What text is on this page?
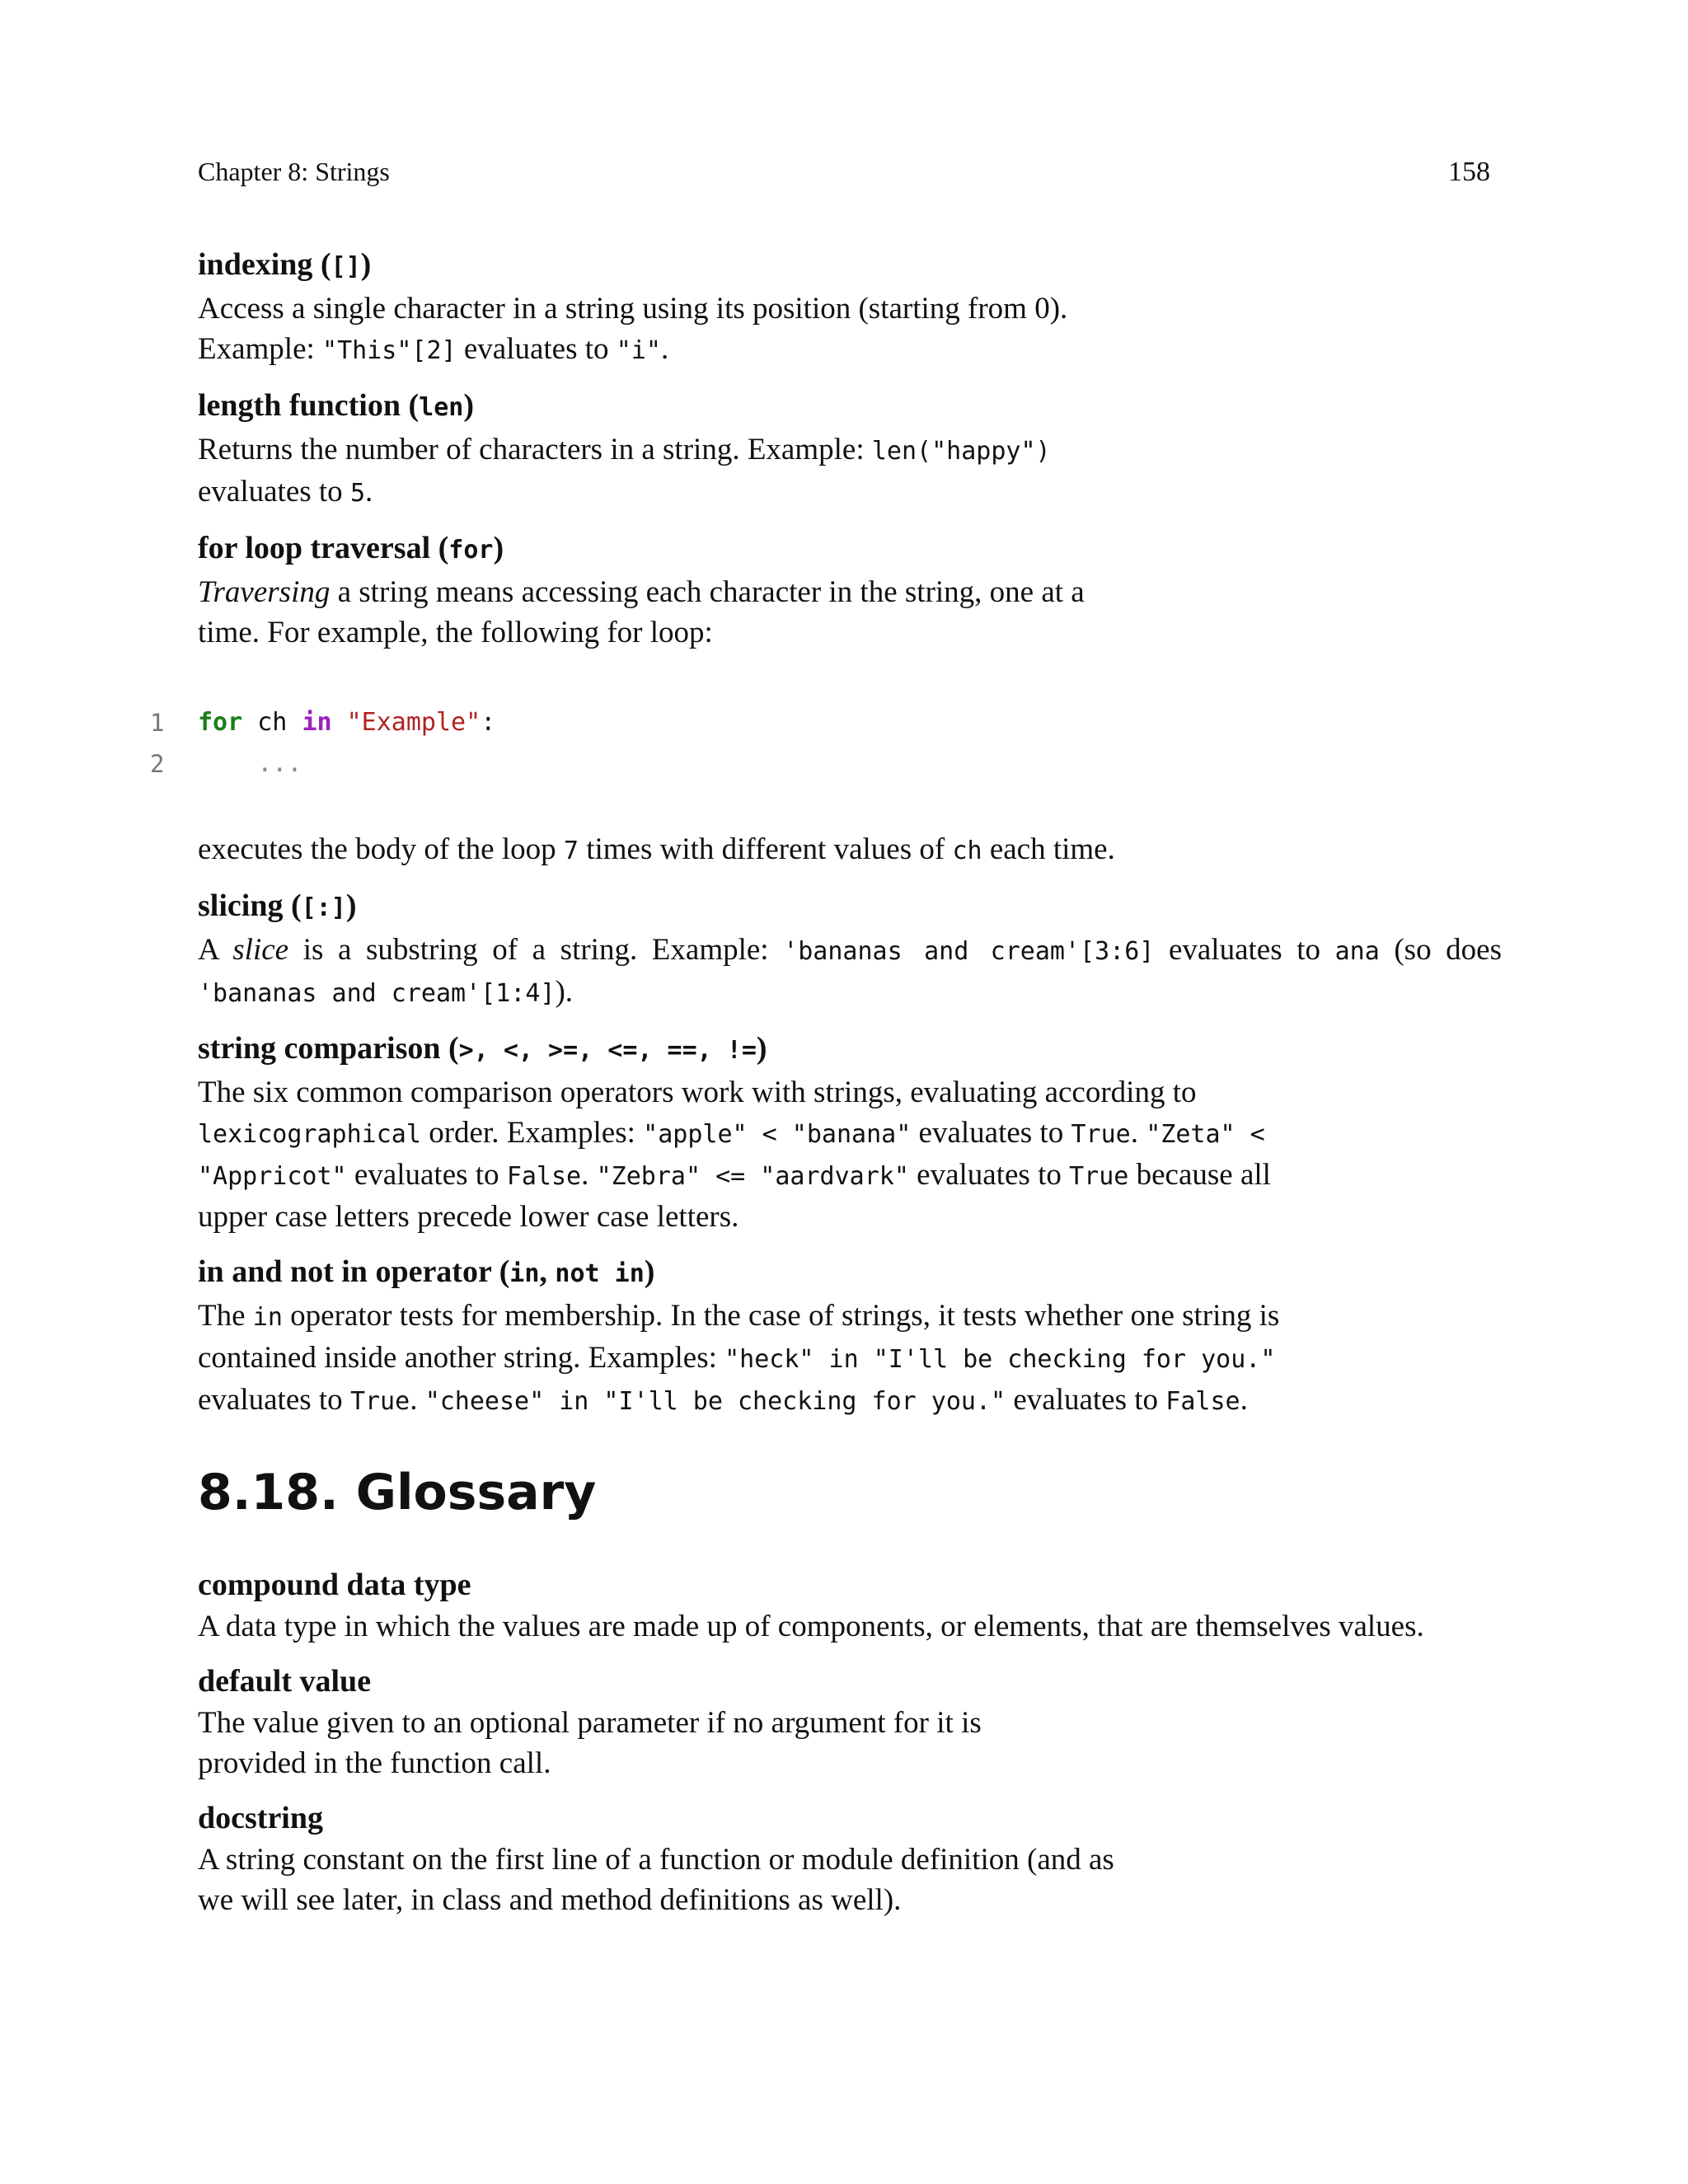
Chapter 8: Strings	158
indexing ([])
Access a single character in a string using its position (starting from 0). Example: "This"[2] evaluates to "i".
length function (len)
Returns the number of characters in a string. Example: len("happy") evaluates to 5.
for loop traversal (for)
Traversing a string means accessing each character in the string, one at a time. For example, the following for loop:
1 for ch in "Example":
2 ...
executes the body of the loop 7 times with different values of ch each time.
slicing ([:])
A slice is a substring of a string. Example: 'bananas and cream'[3:6] evaluates to ana (so does 'bananas and cream'[1:4]).
string comparison (>, <, >=, <=, ==, !=)
The six common comparison operators work with strings, evaluating according to lexicographical order. Examples: "apple" < "banana" evaluates to True. "Zeta" < "Appricot" evaluates to False. "Zebra" <= "aardvark" evaluates to True because all upper case letters precede lower case letters.
in and not in operator (in, not in)
The in operator tests for membership. In the case of strings, it tests whether one string is contained inside another string. Examples: "heck" in "I'll be checking for you." evaluates to True. "cheese" in "I'll be checking for you." evaluates to False.
8.18. Glossary
compound data type
A data type in which the values are made up of components, or elements, that are themselves values.
default value
The value given to an optional parameter if no argument for it is provided in the function call.
docstring
A string constant on the first line of a function or module definition (and as we will see later, in class and method definitions as well).
